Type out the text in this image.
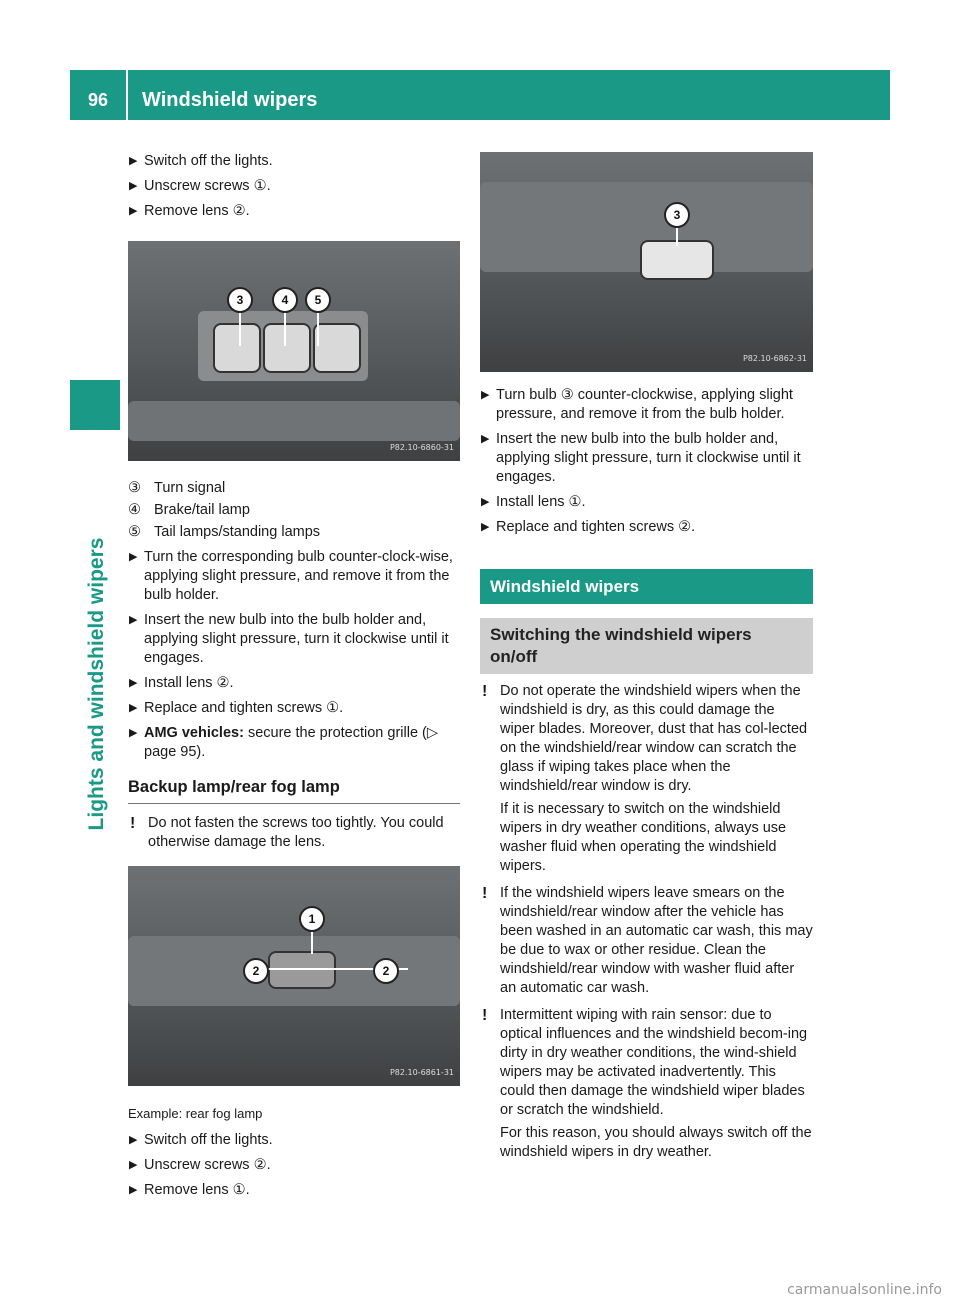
96	Windshield wipers
Lights and windshield wipers
▶ Switch off the lights.
▶ Unscrew screws ①.
▶ Remove lens ②.
3	4	5
P82.10-6860-31
③ Turn signal
④ Brake/tail lamp
⑤ Tail lamps/standing lamps
▶ Turn the corresponding bulb counter-clock-wise, applying slight pressure, and remove it from the bulb holder.
▶ Insert the new bulb into the bulb holder and, applying slight pressure, turn it clockwise until it engages.
▶ Install lens ②.
▶ Replace and tighten screws ①.
▶ AMG vehicles: secure the protection grille (▷ page 95).
Backup lamp/rear fog lamp
! Do not fasten the screws too tightly. You could otherwise damage the lens.

1
2	2
P82.10-6861-31
Example: rear fog lamp
▶ Switch off the lights.
▶ Unscrew screws ②.
▶ Remove lens ①.
3
P82.10-6862-31
▶ Turn bulb ③ counter-clockwise, applying slight pressure, and remove it from the bulb holder.
▶ Insert the new bulb into the bulb holder and, applying slight pressure, turn it clockwise until it engages.
▶ Install lens ①.
▶ Replace and tighten screws ②.
Windshield wipers
Switching the windshield wipers on/off
! Do not operate the windshield wipers when the windshield is dry, as this could damage the wiper blades. Moreover, dust that has col-lected on the windshield/rear window can scratch the glass if wiping takes place when the windshield/rear window is dry.

If it is necessary to switch on the windshield wipers in dry weather conditions, always use washer fluid when operating the windshield wipers.

! If the windshield wipers leave smears on the windshield/rear window after the vehicle has been washed in an automatic car wash, this may be due to wax or other residue. Clean the windshield/rear window with washer fluid after an automatic car wash.

! Intermittent wiping with rain sensor: due to optical influences and the windshield becom-ing dirty in dry weather conditions, the wind-shield wipers may be activated inadvertently. This could then damage the windshield wiper blades or scratch the windshield.

For this reason, you should always switch off the windshield wipers in dry weather.

carmanualsonline.info
